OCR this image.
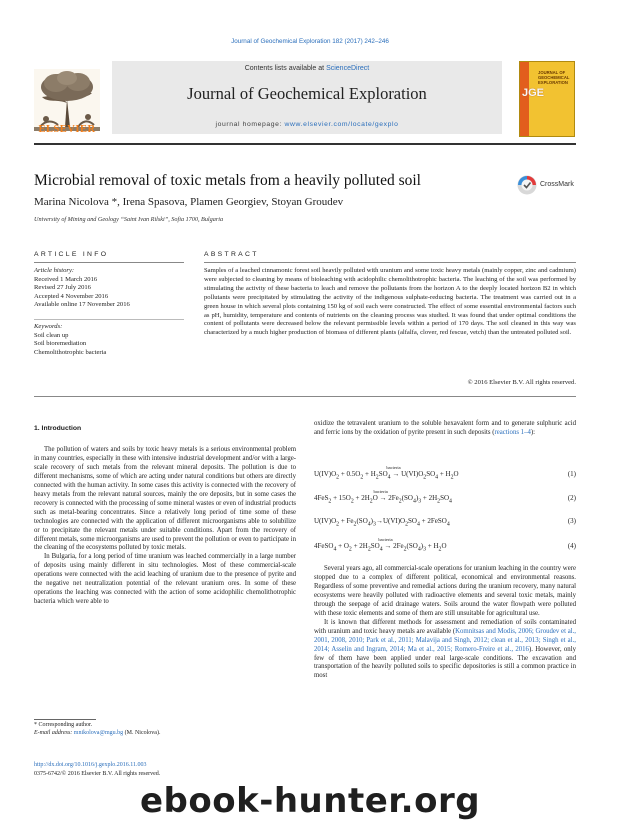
Journal of Geochemical Exploration 182 (2017) 242–246
ELSEVIER
Contents lists available at ScienceDirect
Journal of Geochemical Exploration
journal homepage: www.elsevier.com/locate/gexplo
JGE
JOURNAL OF GEOCHEMICAL EXPLORATION
Microbial removal of toxic metals from a heavily polluted soil	CrossMark
Marina Nicolova *, Irena Spasova, Plamen Georgiev, Stoyan Groudev
University of Mining and Geology “Saint Ivan Rilski”, Sofia 1700, Bulgaria
ARTICLE INFO
Article history:
Received 1 March 2016
Revised 27 July 2016
Accepted 4 November 2016
Available online 17 November 2016
Keywords:
Soil clean up
Soil bioremediation
Chemolithotrophic bacteria
ABSTRACT
Samples of a leached cinnamonic forest soil heavily polluted with uranium and some toxic heavy metals (mainly copper, zinc and cadmium) were subjected to cleaning by means of bioleaching with acidophilic chemolithotrophic bacteria. The leaching of the soil was performed by stimulating the activity of these bacteria to leach and remove the pollutants from the horizon A to the deeply located horizon B2 in which pollutants were precipitated by stimulating the activity of the indigenous sulphate-reducing bacteria. The treatment was carried out in a green house in which several plots containing 150 kg of soil each were constructed. The effect of some essential environmental factors such as pH, humidity, temperature and contents of nutrients on the cleaning process was studied. It was found that under optimal conditions the content of pollutants were decreased below the relevant permissible levels within a period of 170 days. The soil cleaned in this way was characterized by a much higher production of biomass of different plants (alfalfa, clover, red fescue, vetch) than the untreated polluted soil.
© 2016 Elsevier B.V. All rights reserved.
1. Introduction

The pollution of waters and soils by toxic heavy metals is a serious environmental problem in many countries, especially in these with intensive industrial development and/or with a large-scale recovery of such metals from the relevant mineral deposits. The pollution is due to different mechanisms, some of which are acting under natural conditions but others are directly connected with the human activity. In some cases this activity is connected with the recovery of heavy metals from the relevant natural sources, mainly the ore deposits, but in some cases the recovery is connected with the processing of some mineral wastes or even of industrial products such as metal-bearing concentrates. Since a relatively long period of time some of these technologies are connected with the application of different microorganisms able to solubilize or to precipitate the relevant metals under suitable conditions. Apart from the recovery of different metals, some microorganisms are used to prevent the pollution or even to participate in the cleaning of the ecosystems polluted by toxic metals.

In Bulgaria, for a long period of time uranium was leached commercially in a large number of deposits using mainly different in situ technologies. Most of these commercial-scale operations were connected with the acid leaching of uranium due to the presence of pyrite and the negative net neutralization potential of the relevant uranium ores. In some of these operations the leaching was connected with the action of some acidophilic chemolithotrophic bacteria which were able to

oxidize the tetravalent uranium to the soluble hexavalent form and to generate sulphuric acid and ferric ions by the oxidation of pyrite present in such deposits (reactions 1–4):

$U(IV)O_2 + 0.5O_2 + H_2SO_4$
bacteria
→ $U(VI)O_2SO_4 + H_2O$	(1)
$4FeS_2 + 15O_2 + 2H_2O$
bacteria
→ $2Fe_2(SO_4)_3 + 2H_2SO_4$	(2)
$U(IV)O_2 + Fe_2(SO_4)_3\to U(VI)O_2SO_4$ + 2FeSO$_4$	(3)
4FeSO$_4$ + $O_2 + 2H_2SO_4$
bacteria
→ $2Fe_2(SO_4)_3 + H_2O$	(4)

Several years ago, all commercial-scale operations for uranium leaching in the country were stopped due to a complex of different political, economical and environmental reasons. Regardless of some preventive and remedial actions during the uranium recovery, many natural ecosystems were heavily polluted with radioactive elements and several toxic metals, mainly through the seepage of acid drainage waters. Soils around the water flowpath were polluted with these toxic elements and some of them are still unsuitable for agricultural use.

It is known that different methods for assessment and remediation of soils contaminated with uranium and toxic heavy metals are available (Komnitsas and Modis, 2006; Groudev et al., 2001, 2008, 2010; Park et al., 2011; Malavija and Singh, 2012; clean et al., 2013; Singh et al., 2014; Asselin and Ingram, 2014; Ma et al., 2015; Romero-Freire et al., 2016). However, only few of them have been applied under real large-scale conditions. The excavation and transportation of the heavily polluted soils to specific depositories is still a common practice in most

* Corresponding author.
E-mail address: mnikolova@mgu.bg (M. Nicolova).
http://dx.doi.org/10.1016/j.gexplo.2016.11.003
0375-6742/© 2016 Elsevier B.V. All rights reserved.
ebook-hunter.org
